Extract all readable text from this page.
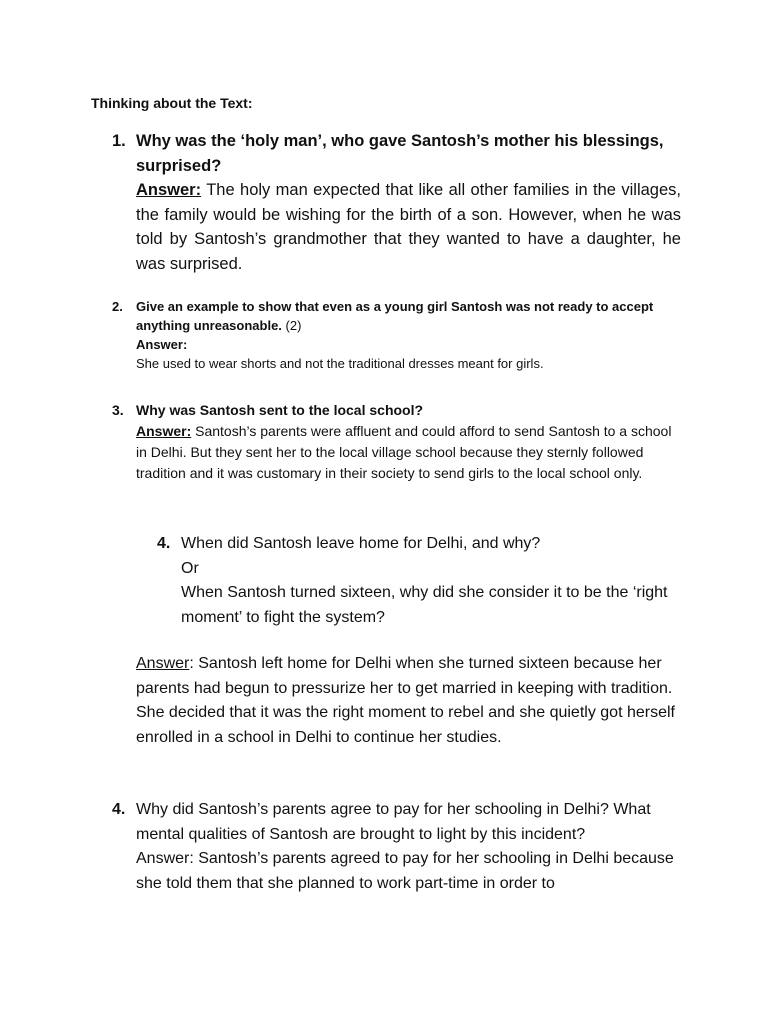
Thinking about the Text:

1. Why was the ‘holy man’, who gave Santosh’s mother his blessings, surprised?

Answer: The holy man expected that like all other families in the villages, the family would be wishing for the birth of a son. However, when he was told by Santosh’s grandmother that they wanted to have a daughter, he was surprised.

2. Give an example to show that even as a young girl Santosh was not ready to accept anything unreasonable. (2)

Answer:

She used to wear shorts and not the traditional dresses meant for girls.

3. Why was Santosh sent to the local school?

Answer: Santosh’s parents were affluent and could afford to send Santosh to a school in Delhi. But they sent her to the local village school because they sternly followed tradition and it was customary in their society to send girls to the local school only.

4. When did Santosh leave home for Delhi, and why?
Or
When Santosh turned sixteen, why did she consider it to be the ‘right moment’ to fight the system?

Answer: Santosh left home for Delhi when she turned sixteen because her parents had begun to pressurize her to get married in keeping with tradition. She decided that it was the right moment to rebel and she quietly got herself enrolled in a school in Delhi to continue her studies.

4. Why did Santosh’s parents agree to pay for her schooling in Delhi? What mental qualities of Santosh are brought to light by this incident?

Answer: Santosh’s parents agreed to pay for her schooling in Delhi because she told them that she planned to work part-time in order to
